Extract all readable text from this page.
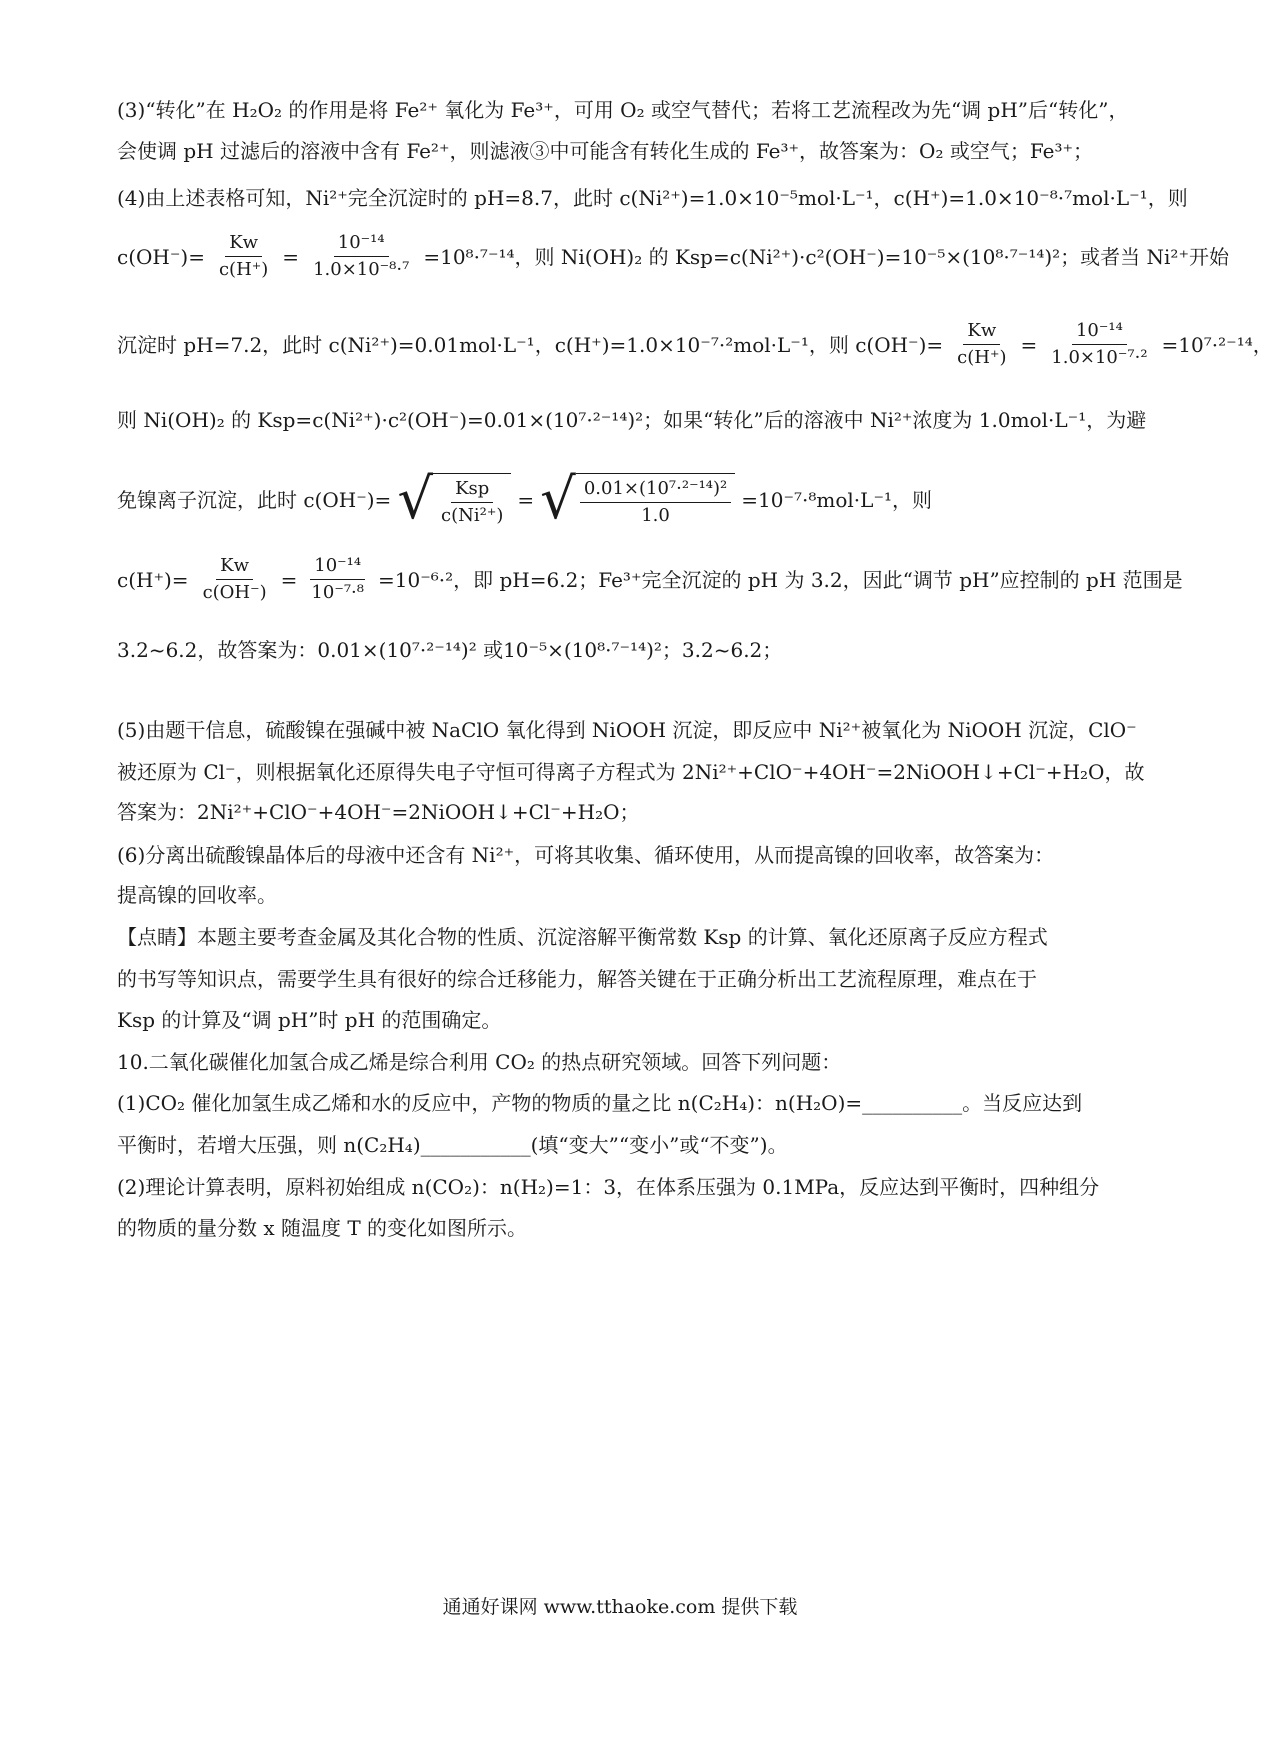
(3)“转化”在 H₂O₂ 的作用是将 Fe²⁺ 氧化为 Fe³⁺，可用 O₂ 或空气替代；若将工艺流程改为先“调 pH”后“转化”，
会使调 pH 过滤后的溶液中含有 Fe²⁺，则滤液③中可能含有转化生成的 Fe³⁺，故答案为：O₂ 或空气；Fe³⁺；
(4)由上述表格可知，Ni²⁺完全沉淀时的 pH=8.7，此时 c(Ni²⁺)=1.0×10⁻⁵mol·L⁻¹，c(H⁺)=1.0×10⁻⁸·⁷mol·L⁻¹，则
$c(OH^-)= \frac{Kw}{c(H^+)} = \frac{\text{10⁻¹⁴}}{\text{1.0×10⁻⁸·⁷}} =10^8\cdot^{7-14}$，则 Ni(OH)₂ 的 Ksp=c(Ni²⁺)·c²(OH⁻)=10⁻⁵×(10⁸·⁷⁻¹⁴)²；或者当 Ni²⁺开始
沉淀时 pH=7.2，此时 c(Ni²⁺)=0.01mol·L⁻¹，c(H⁺)=1.0×10⁻⁷·²mol·L⁻¹，则 $c(OH^-)= \frac{Kw}{c(H^+)} = \frac{\text{10⁻¹⁴}}{\text{1.0×10⁻⁷·²}} =10^7\cdot^{2-14}$，
则 Ni(OH)₂ 的 Ksp=c(Ni²⁺)·c²(OH⁻)=0.01×(10⁷·²⁻¹⁴)²；如果“转化”后的溶液中 Ni²⁺浓度为 1.0mol·L⁻¹，为避
免镍离子沉淀，此时 c(OH⁻)= √ $\frac{\text{Ksp}}{\text{c(Ni²⁺)}}$ = √ $\frac{\text{0.01×(10⁷·²⁻¹⁴)²}}{1.0} =10^{-7}\cdot^8mol\cdot L^{-1}$，则
$c(H^+)= \frac{Kw}{c(OH^-)} = \frac{\text{10⁻¹⁴}}{\text{10⁻⁷·⁸}} =10^{-6}\cdot^2$，即 pH=6.2；Fe³⁺完全沉淀的 pH 为 3.2，因此“调节 pH”应控制的 pH 范围是
3.2~6.2，故答案为：0.01×(10⁷·²⁻¹⁴)² 或10⁻⁵×(10⁸·⁷⁻¹⁴)²；3.2~6.2；
(5)由题干信息，硫酸镍在强碱中被 NaClO 氧化得到 NiOOH 沉淀，即反应中 Ni²⁺被氧化为 NiOOH 沉淀，ClO⁻
被还原为 Cl⁻，则根据氧化还原得失电子守恒可得离子方程式为 2Ni²⁺+ClO⁻+4OH⁻=2NiOOH↓+Cl⁻+H₂O，故
答案为：2Ni²⁺+ClO⁻+4OH⁻=2NiOOH↓+Cl⁻+H₂O；
(6)分离出硫酸镍晶体后的母液中还含有 Ni²⁺，可将其收集、循环使用，从而提高镍的回收率，故答案为：
提高镍的回收率。
【点睛】本题主要考查金属及其化合物的性质、沉淀溶解平衡常数 Ksp 的计算、氧化还原离子反应方程式
的书写等知识点，需要学生具有很好的综合迁移能力，解答关键在于正确分析出工艺流程原理，难点在于
Ksp 的计算及“调 pH”时 pH 的范围确定。
10.二氧化碳催化加氢合成乙烯是综合利用 CO₂ 的热点研究领域。回答下列问题：
(1)CO₂ 催化加氢生成乙烯和水的反应中，产物的物质的量之比 n(C₂H₄)：n(H₂O)=__________。当反应达到
平衡时，若增大压强，则 n(C₂H₄)___________(填“变大”“变小”或“不变”)。
(2)理论计算表明，原料初始组成 n(CO₂)：n(H₂)=1：3，在体系压强为 0.1MPa，反应达到平衡时，四种组分
的物质的量分数 x 随温度 T 的变化如图所示。
通通好课网 www.tthaoke.com 提供下载
